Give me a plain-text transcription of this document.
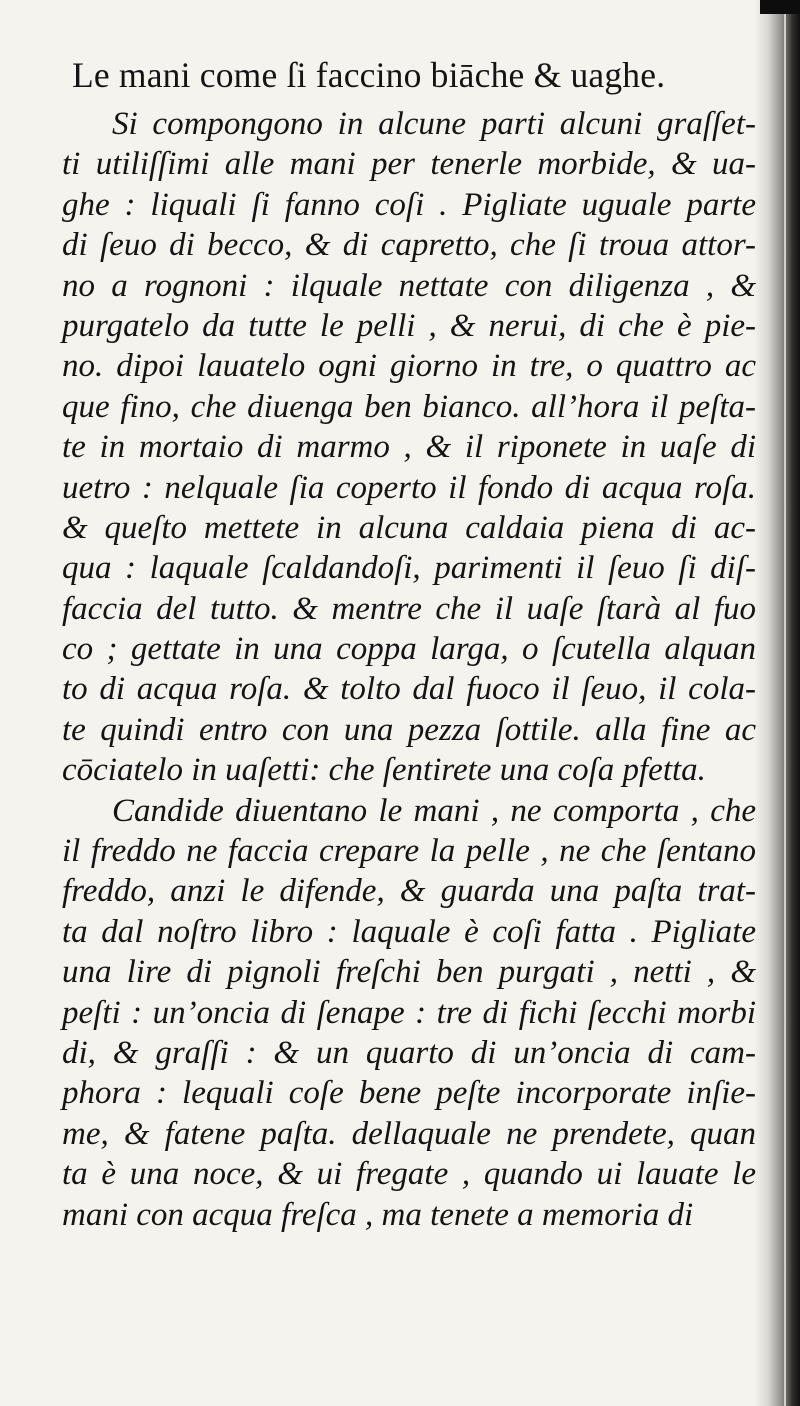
Le mani come ſi faccino biāche & uaghe.
Si compongono in alcune parti alcuni graſſet-
ti utiliſſimi alle mani per tenerle morbide, & ua-
ghe : liquali ſi fanno coſi . Pigliate uguale parte
di ſeuo di becco, & di capretto, che ſi troua attor-
no a rognoni : ilquale nettate con diligenza , &
purgatelo da tutte le pelli , & nerui, di che è pie-
no. dipoi lauatelo ogni giorno in tre, o quattro ac
que fino, che diuenga ben bianco. all’hora il peſta-
te in mortaio di marmo , & il riponete in uaſe di
uetro : nelquale ſia coperto il fondo di acqua roſa.
& queſto mettete in alcuna caldaia piena di ac-
qua : laquale ſcaldandoſi, parimenti il ſeuo ſi diſ-
faccia del tutto. & mentre che il uaſe ſtarà al fuo
co ; gettate in una coppa larga, o ſcutella alquan
to di acqua roſa. & tolto dal fuoco il ſeuo, il cola-
te quindi entro con una pezza ſottile. alla fine ac
cōciatelo in uaſetti: che ſentirete una coſa pfetta.
Candide diuentano le mani , ne comporta , che
il freddo ne faccia crepare la pelle , ne che ſentano
freddo, anzi le difende, & guarda una paſta trat-
ta dal noſtro libro : laquale è coſi fatta . Pigliate
una lire di pignoli freſchi ben purgati , netti , &
peſti : un’oncia di ſenape : tre di fichi ſecchi morbi
di, & graſſi : & un quarto di un’oncia di cam-
phora : lequali coſe bene peſte incorporate inſie-
me, & fatene paſta. dellaquale ne prendete, quan
ta è una noce, & ui fregate , quando ui lauate le
mani con acqua freſca , ma tenete a memoria di
